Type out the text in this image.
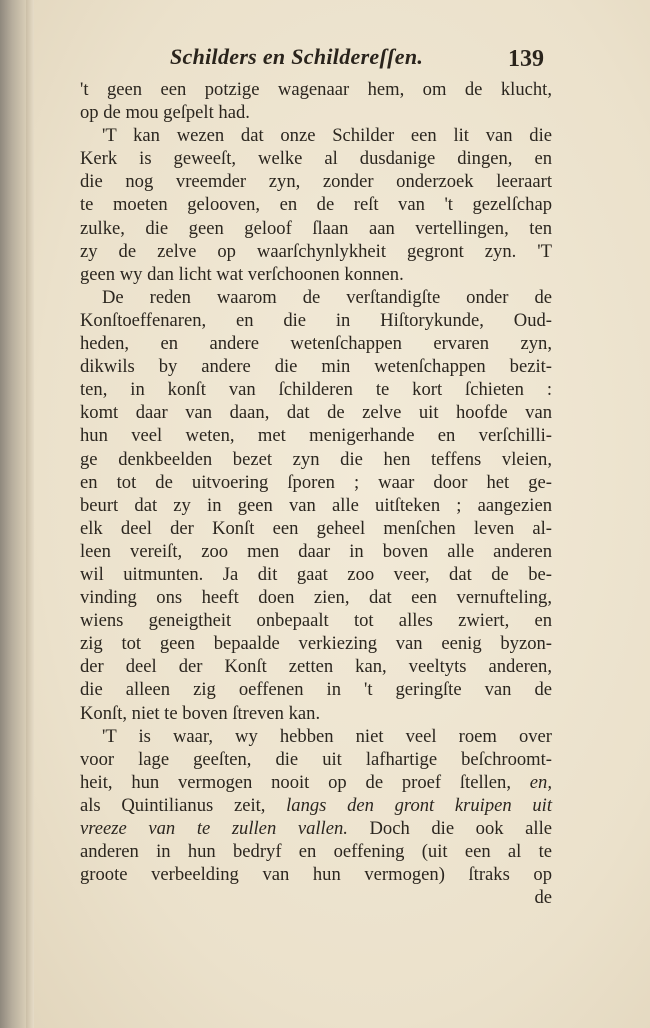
Schilders en Schildereſſen.	139
't geen een potzige wagenaar hem, om de klucht,
op de mou geſpelt had.
'T kan wezen dat onze Schilder een lit van die
Kerk is geweeſt, welke al dusdanige dingen, en
die nog vreemder zyn, zonder onderzoek leeraart
te moeten gelooven, en de reſt van 't gezelſchap
zulke, die geen geloof ſlaan aan vertellingen, ten
zy de zelve op waarſchynlykheit gegront zyn. 'T
geen wy dan licht wat verſchoonen konnen.
De reden waarom de verſtandigſte onder de
Konſtoeffenaren, en die in Hiſtorykunde, Oud-
heden, en andere wetenſchappen ervaren zyn,
dikwils by andere die min wetenſchappen bezit-
ten, in konſt van ſchilderen te kort ſchieten :
komt daar van daan, dat de zelve uit hoofde van
hun veel weten, met menigerhande en verſchilli-
ge denkbeelden bezet zyn die hen teffens vleien,
en tot de uitvoering ſporen ; waar door het ge-
beurt dat zy in geen van alle uitſteken ; aangezien
elk deel der Konſt een geheel menſchen leven al-
leen vereiſt, zoo men daar in boven alle anderen
wil uitmunten. Ja dit gaat zoo veer, dat de be-
vinding ons heeft doen zien, dat een vernufteling,
wiens geneigtheit onbepaalt tot alles zwiert, en
zig tot geen bepaalde verkiezing van eenig byzon-
der deel der Konſt zetten kan, veeltyts anderen,
die alleen zig oeffenen in 't geringſte van de
Konſt, niet te boven ſtreven kan.
'T is waar, wy hebben niet veel roem over
voor lage geeſten, die uit lafhartige beſchroomt-
heit, hun vermogen nooit op de proef ſtellen, en,
als Quintilianus zeit, langs den gront kruipen uit
vreeze van te zullen vallen. Doch die ook alle
anderen in hun bedryf en oeffening (uit een al te
groote verbeelding van hun vermogen) ſtraks op
de
